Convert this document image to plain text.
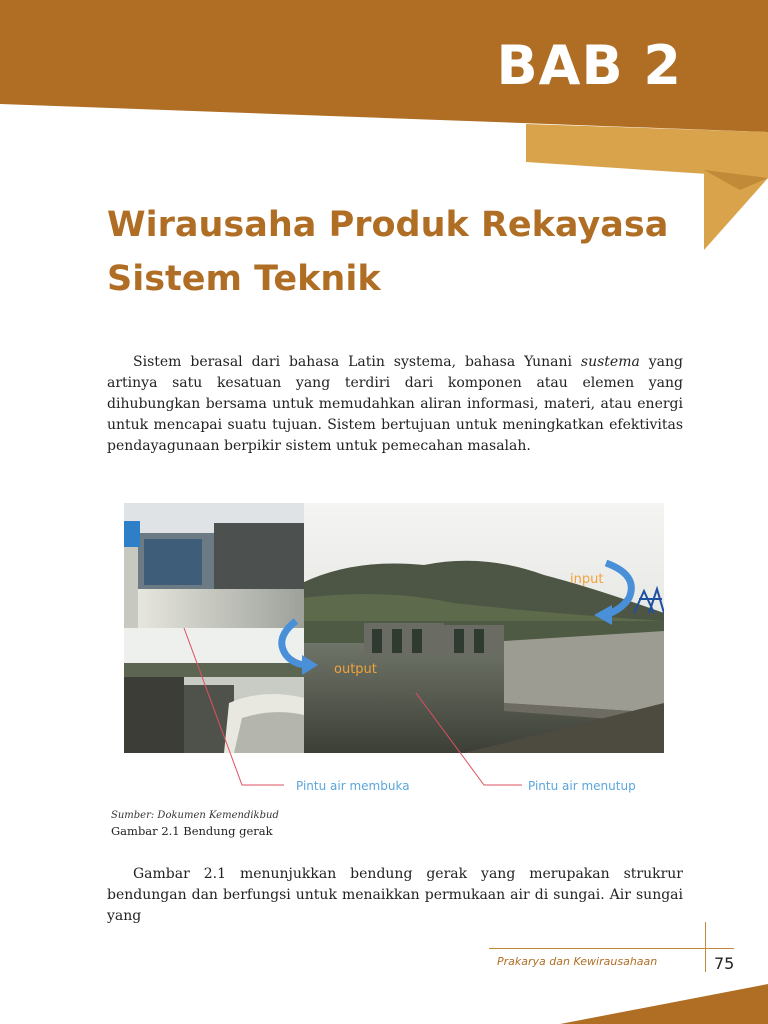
BAB 2
Wirausaha Produk Rekayasa Sistem Teknik

Sistem berasal dari bahasa Latin systema, bahasa Yunani sustema yang artinya satu kesatuan yang terdiri dari komponen atau elemen yang dihubungkan bersama untuk memudahkan aliran informasi, materi, atau energi untuk mencapai suatu tujuan. Sistem bertujuan untuk meningkatkan efektivitas pendayagunaan berpikir sistem untuk pemecahan masalah.

input
output
Pintu air membuka	Pintu air menutup
Sumber: Dokumen Kemendikbud
Gambar 2.1 Bendung gerak

Gambar 2.1 menunjukkan bendung gerak yang merupakan strukrur bendungan dan berfungsi untuk menaikkan permukaan air di sungai. Air sungai yang

Prakarya dan Kewirausahaan	75
